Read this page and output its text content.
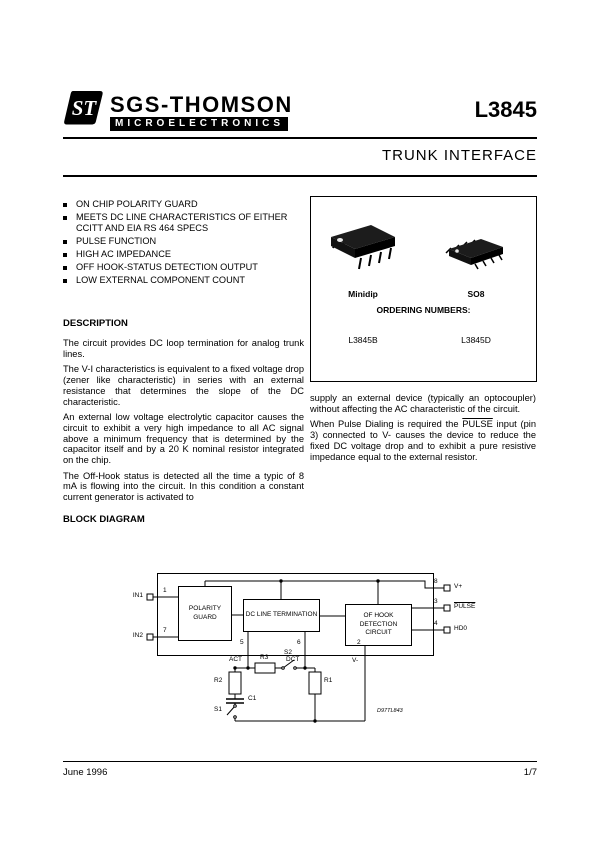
ST SGS-THOMSON
MICROELECTRONICS
L3845
TRUNK INTERFACE
ON CHIP POLARITY GUARD
MEETS DC LINE CHARACTERISTICS OF EITHER CCITT AND EIA RS 464 SPECS
PULSE FUNCTION
HIGH AC IMPEDANCE
OFF HOOK-STATUS DETECTION OUTPUT
LOW EXTERNAL COMPONENT COUNT
Minidip	SO8
ORDERING NUMBERS:
L3845B	L3845D
DESCRIPTION

The circuit provides DC loop termination for analog trunk lines.

The V-I characteristics is equivalent to a fixed voltage drop (zener like characteristic) in series with an external resistance that determines the slope of the DC characteristic.

An external low voltage electrolytic capacitor causes the circuit to exhibit a very high impedance to all AC signal above a minimum frequency that is determined by the capacitor itself and by a 20 K nominal resistor integrated on the chip.

The Off-Hook status is detected all the time a typic of 8 mA is flowing into the circuit. In this condition a constant current generator is activated to

supply an external device (typically an optocoupler) without affecting the AC characteristic of the circuit.

When Pulse Dialing is required the PULSE input (pin 3) connected to V- causes the device to reduce the fixed DC voltage drop and to exhibit a pure resistive impedance equal to the external resistor.

BLOCK DIAGRAM
POLARITY GUARD	DC LINE TERMINATION	OF HOOK DETECTION CIRCUIT
1
7
IN1
IN2
8
3
4
V+
PULSE
HD0
5	6	2
ACT	DCT	V-
R2
R3
S2
C1
R1
S1	D97TL843
June 1996	1/7
